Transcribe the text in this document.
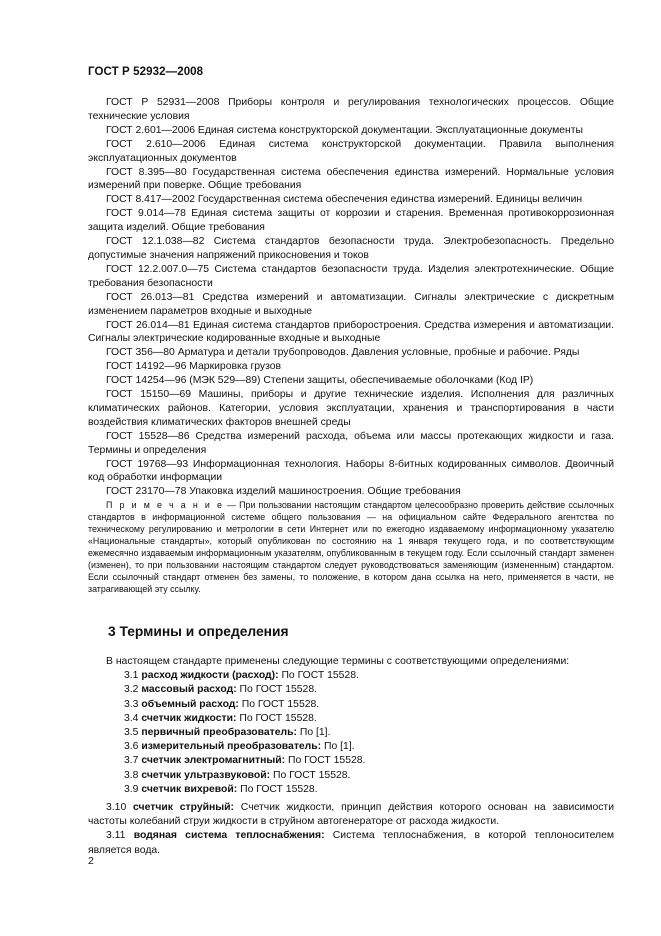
ГОСТ Р 52932—2008

ГОСТ Р 52931—2008 Приборы контроля и регулирования технологических процессов. Общие технические условия

ГОСТ 2.601—2006 Единая система конструкторской документации. Эксплуатационные документы

ГОСТ 2.610—2006 Единая система конструкторской документации. Правила выполнения эксплуатационных документов

ГОСТ 8.395—80 Государственная система обеспечения единства измерений. Нормальные условия измерений при поверке. Общие требования

ГОСТ 8.417—2002 Государственная система обеспечения единства измерений. Единицы величин

ГОСТ 9.014—78 Единая система защиты от коррозии и старения. Временная противокоррозионная защита изделий. Общие требования

ГОСТ 12.1.038—82 Система стандартов безопасности труда. Электробезопасность. Предельно допустимые значения напряжений прикосновения и токов

ГОСТ 12.2.007.0—75 Система стандартов безопасности труда. Изделия электротехнические. Общие требования безопасности

ГОСТ 26.013—81 Средства измерений и автоматизации. Сигналы электрические с дискретным изменением параметров входные и выходные

ГОСТ 26.014—81 Единая система стандартов приборостроения. Средства измерения и автоматизации. Сигналы электрические кодированные входные и выходные

ГОСТ 356—80 Арматура и детали трубопроводов. Давления условные, пробные и рабочие. Ряды

ГОСТ 14192—96 Маркировка грузов

ГОСТ 14254—96 (МЭК 529—89) Степени защиты, обеспечиваемые оболочками (Код IP)

ГОСТ 15150—69 Машины, приборы и другие технические изделия. Исполнения для различных климатических районов. Категории, условия эксплуатации, хранения и транспортирования в части воздействия климатических факторов внешней среды

ГОСТ 15528—86 Средства измерений расхода, объема или массы протекающих жидкости и газа. Термины и определения

ГОСТ 19768—93 Информационная технология. Наборы 8-битных кодированных символов. Двоичный код обработки информации

ГОСТ 23170—78 Упаковка изделий машиностроения. Общие требования

П р и м е ч а н и е — При пользовании настоящим стандартом целесообразно проверить действие ссылочных стандартов в информационной системе общего пользования — на официальном сайте Федерального агентства по техническому регулированию и метрологии в сети Интернет или по ежегодно издаваемому информационному указателю «Национальные стандарты», который опубликован по состоянию на 1 января текущего года, и по соответствующим ежемесячно издаваемым информационным указателям, опубликованным в текущем году. Если ссылочный стандарт заменен (изменен), то при пользовании настоящим стандартом следует руководствоваться заменяющим (измененным) стандартом. Если ссылочный стандарт отменен без замены, то положение, в котором дана ссылка на него, применяется в части, не затрагивающей эту ссылку.

3 Термины и определения

В настоящем стандарте применены следующие термины с соответствующими определениями:

3.1 расход жидкости (расход): По ГОСТ 15528.

3.2 массовый расход: По ГОСТ 15528.

3.3 объемный расход: По ГОСТ 15528.

3.4 счетчик жидкости: По ГОСТ 15528.

3.5 первичный преобразователь: По [1].

3.6 измерительный преобразователь: По [1].

3.7 счетчик электромагнитный: По ГОСТ 15528.

3.8 счетчик ультразвуковой: По ГОСТ 15528.

3.9 счетчик вихревой: По ГОСТ 15528.

3.10 счетчик струйный: Счетчик жидкости, принцип действия которого основан на зависимости частоты колебаний струи жидкости в струйном автогенераторе от расхода жидкости.

3.11 водяная система теплоснабжения: Система теплоснабжения, в которой теплоносителем является вода.

2
